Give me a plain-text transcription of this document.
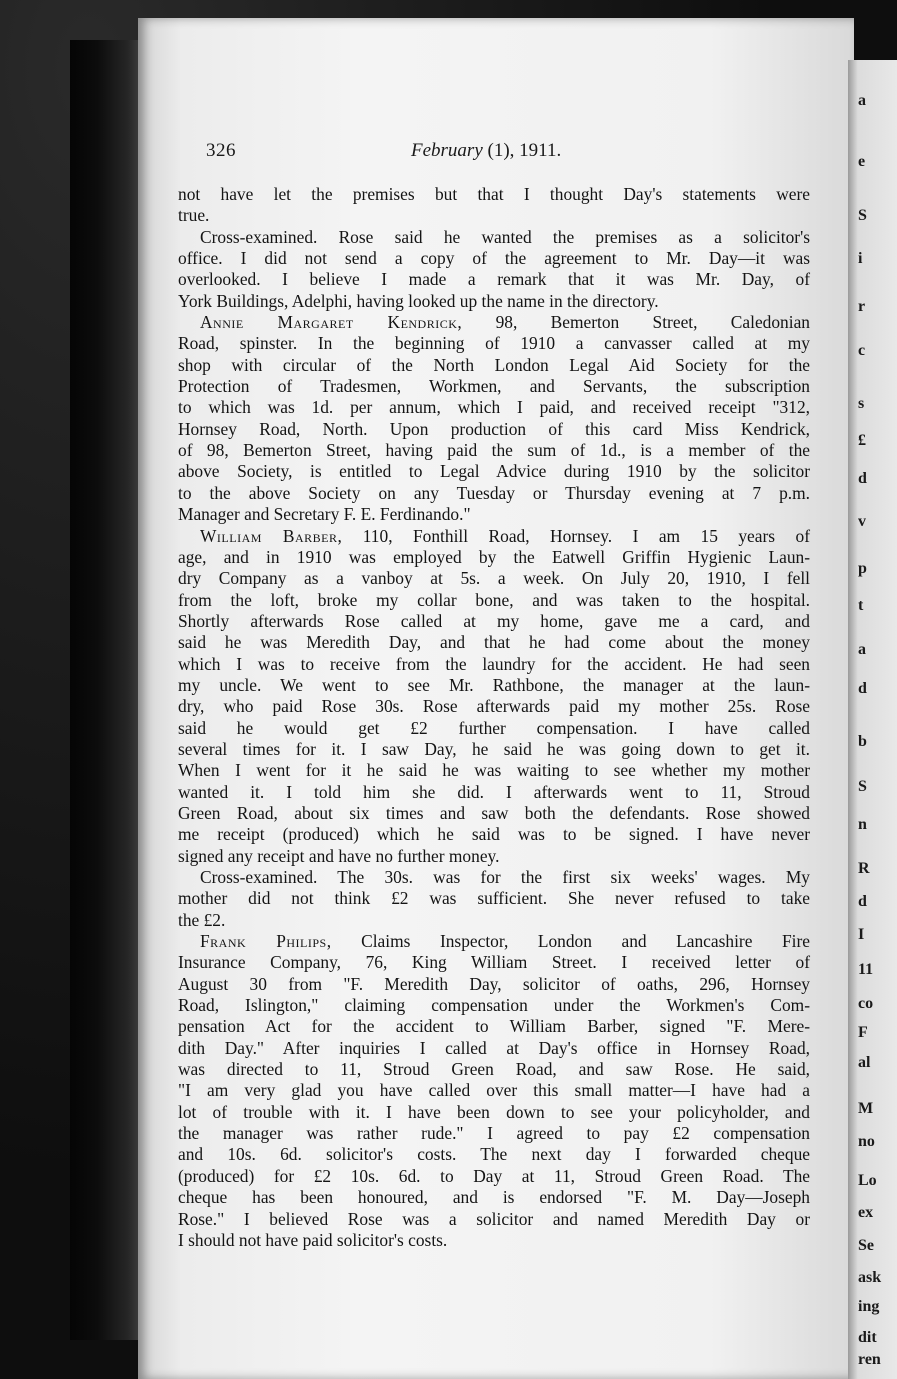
a
e
S
i
r
c
s
£
d
v
p
t
a
d
b
S
n
R
d
I
11
co
F
al
M
no
Lo
ex
Se
ask
ing
dit
ren
326	February (1), 1911.
not have let the premises but that I thought Day's statements were
true.
Cross-examined. Rose said he wanted the premises as a solicitor's
office. I did not send a copy of the agreement to Mr. Day—it was
overlooked. I believe I made a remark that it was Mr. Day, of
York Buildings, Adelphi, having looked up the name in the directory.
Annie Margaret Kendrick, 98, Bemerton Street, Caledonian
Road, spinster. In the beginning of 1910 a canvasser called at my
shop with circular of the North London Legal Aid Society for the
Protection of Tradesmen, Workmen, and Servants, the subscription
to which was 1d. per annum, which I paid, and received receipt "312,
Hornsey Road, North. Upon production of this card Miss Kendrick,
of 98, Bemerton Street, having paid the sum of 1d., is a member of the
above Society, is entitled to Legal Advice during 1910 by the solicitor
to the above Society on any Tuesday or Thursday evening at 7 p.m.
Manager and Secretary F. E. Ferdinando."
William Barber, 110, Fonthill Road, Hornsey. I am 15 years of
age, and in 1910 was employed by the Eatwell Griffin Hygienic Laun-
dry Company as a vanboy at 5s. a week. On July 20, 1910, I fell
from the loft, broke my collar bone, and was taken to the hospital.
Shortly afterwards Rose called at my home, gave me a card, and
said he was Meredith Day, and that he had come about the money
which I was to receive from the laundry for the accident. He had seen
my uncle. We went to see Mr. Rathbone, the manager at the laun-
dry, who paid Rose 30s. Rose afterwards paid my mother 25s. Rose
said he would get £2 further compensation. I have called
several times for it. I saw Day, he said he was going down to get it.
When I went for it he said he was waiting to see whether my mother
wanted it. I told him she did. I afterwards went to 11, Stroud
Green Road, about six times and saw both the defendants. Rose showed
me receipt (produced) which he said was to be signed. I have never
signed any receipt and have no further money.
Cross-examined. The 30s. was for the first six weeks' wages. My
mother did not think £2 was sufficient. She never refused to take
the £2.
Frank Philips, Claims Inspector, London and Lancashire Fire
Insurance Company, 76, King William Street. I received letter of
August 30 from "F. Meredith Day, solicitor of oaths, 296, Hornsey
Road, Islington," claiming compensation under the Workmen's Com-
pensation Act for the accident to William Barber, signed "F. Mere-
dith Day." After inquiries I called at Day's office in Hornsey Road,
was directed to 11, Stroud Green Road, and saw Rose. He said,
"I am very glad you have called over this small matter—I have had a
lot of trouble with it. I have been down to see your policyholder, and
the manager was rather rude." I agreed to pay £2 compensation
and 10s. 6d. solicitor's costs. The next day I forwarded cheque
(produced) for £2 10s. 6d. to Day at 11, Stroud Green Road. The
cheque has been honoured, and is endorsed "F. M. Day—Joseph
Rose." I believed Rose was a solicitor and named Meredith Day or
I should not have paid solicitor's costs.
